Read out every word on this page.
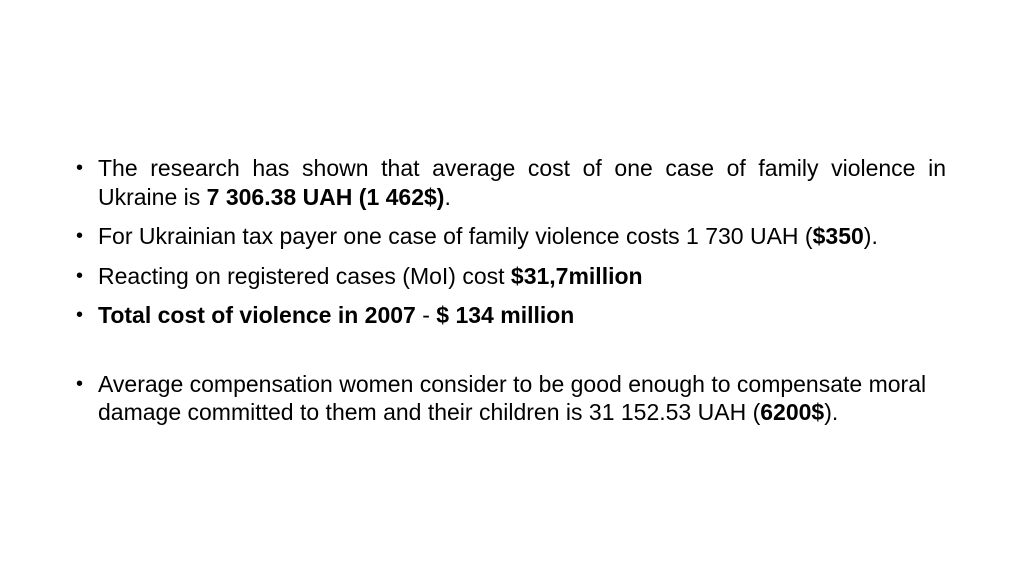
• The research has shown that average cost of one case of family violence in Ukraine is 7 306.38 UAH (1 462$).
• For Ukrainian tax payer one case of family violence costs 1 730 UAH ($350).
• Reacting on registered cases (MoI) cost $31,7million
• Total cost of violence in 2007 - $ 134 million
• Average compensation women consider to be good enough to compensate moral damage committed to them and their children is 31 152.53 UAH (6200$).
